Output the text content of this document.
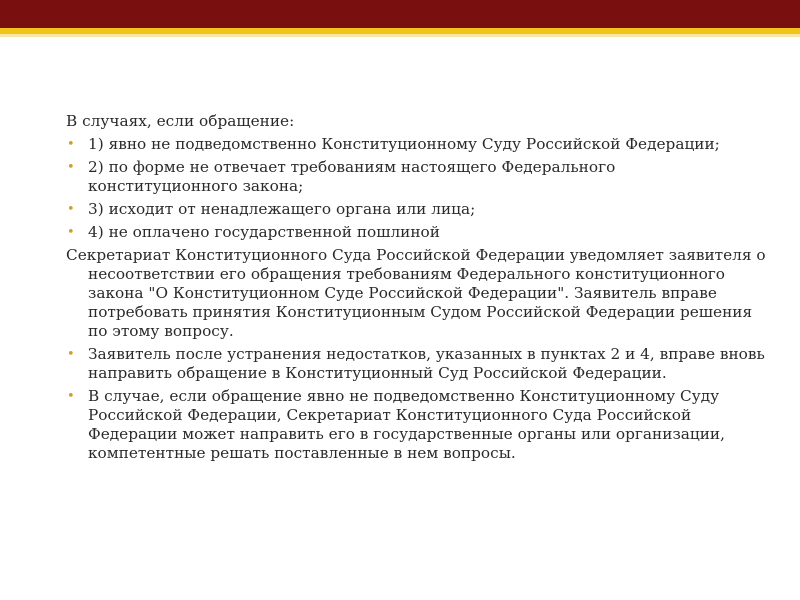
В случаях, если обращение:

• 1) явно не подведомственно Конституционному Суду Российской Федерации;
• 2) по форме не отвечает требованиям настоящего Федерального конституционного закона;
• 3) исходит от ненадлежащего органа или лица;
• 4) не оплачено государственной пошлиной

Секретариат Конституционного Суда Российской Федерации уведомляет заявителя о несоответствии его обращения требованиям Федерального конституционного закона "О Конституционном Суде Российской Федерации". Заявитель вправе потребовать принятия Конституционным Судом Российской Федерации решения по этому вопросу.

• Заявитель после устранения недостатков, указанных в пунктах 2 и 4, вправе вновь направить обращение в Конституционный Суд Российской Федерации.
• В случае, если обращение явно не подведомственно Конституционному Суду Российской Федерации, Секретариат Конституционного Суда Российской Федерации может направить его в государственные органы или организации, компетентные решать поставленные в нем вопросы.
